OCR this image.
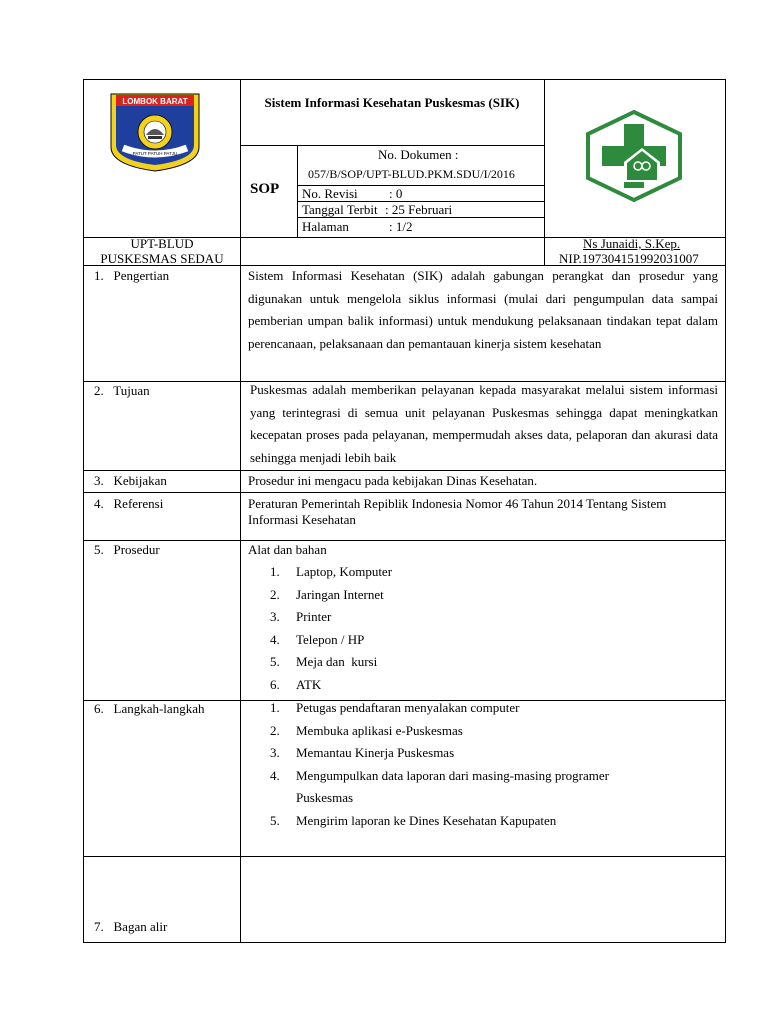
LOMBOK BARAT
PATUT PATUH PATJU
Sistem Informasi Kesehatan Puskesmas (SIK)
SOP
No. Dokumen :
057/B/SOP/UPT-BLUD.PKM.SDU/I/2016
No. Revisi : 0
Tanggal Terbit : 25 Februari
Halaman	: 1/2
UPT-BLUD
PUSKESMAS SEDAU
Ns Junaidi, S.Kep.
NIP.197304151992031007
1.   Pengertian	Sistem Informasi Kesehatan (SIK) adalah gabungan perangkat dan prosedur yang digunakan untuk mengelola siklus informasi (mulai dari pengumpulan data sampai pemberian umpan balik informasi) untuk mendukung pelaksanaan tindakan tepat dalam perencanaan, pelaksanaan dan pemantauan kinerja sistem kesehatan
2.   Tujuan	Puskesmas adalah memberikan pelayanan kepada masyarakat melalui sistem informasi yang terintegrasi di semua unit pelayanan Puskesmas sehingga dapat meningkatkan kecepatan proses pada pelayanan, mempermudah akses data, pelaporan dan akurasi data sehingga menjadi lebih baik
3.   Kebijakan	Prosedur ini mengacu pada kebijakan Dinas Kesehatan.
4.   Referensi	Peraturan Pemerintah Repiblik Indonesia Nomor 46 Tahun 2014 Tentang Sistem Informasi Kesehatan
5.   Prosedur	Alat dan bahan
1. Laptop, Komputer
2. Jaringan Internet
3. Printer
4. Telepon / HP
5. Meja dan  kursi
6. ATK
6.   Langkah-langkah	1. Petugas pendaftaran menyalakan computer
2. Membuka aplikasi e-Puskesmas
3. Memantau Kinerja Puskesmas
4. Mengumpulkan data laporan dari masing-masing programer
Puskesmas
5. Mengirim laporan ke Dines Kesehatan Kapupaten
7.   Bagan alir
